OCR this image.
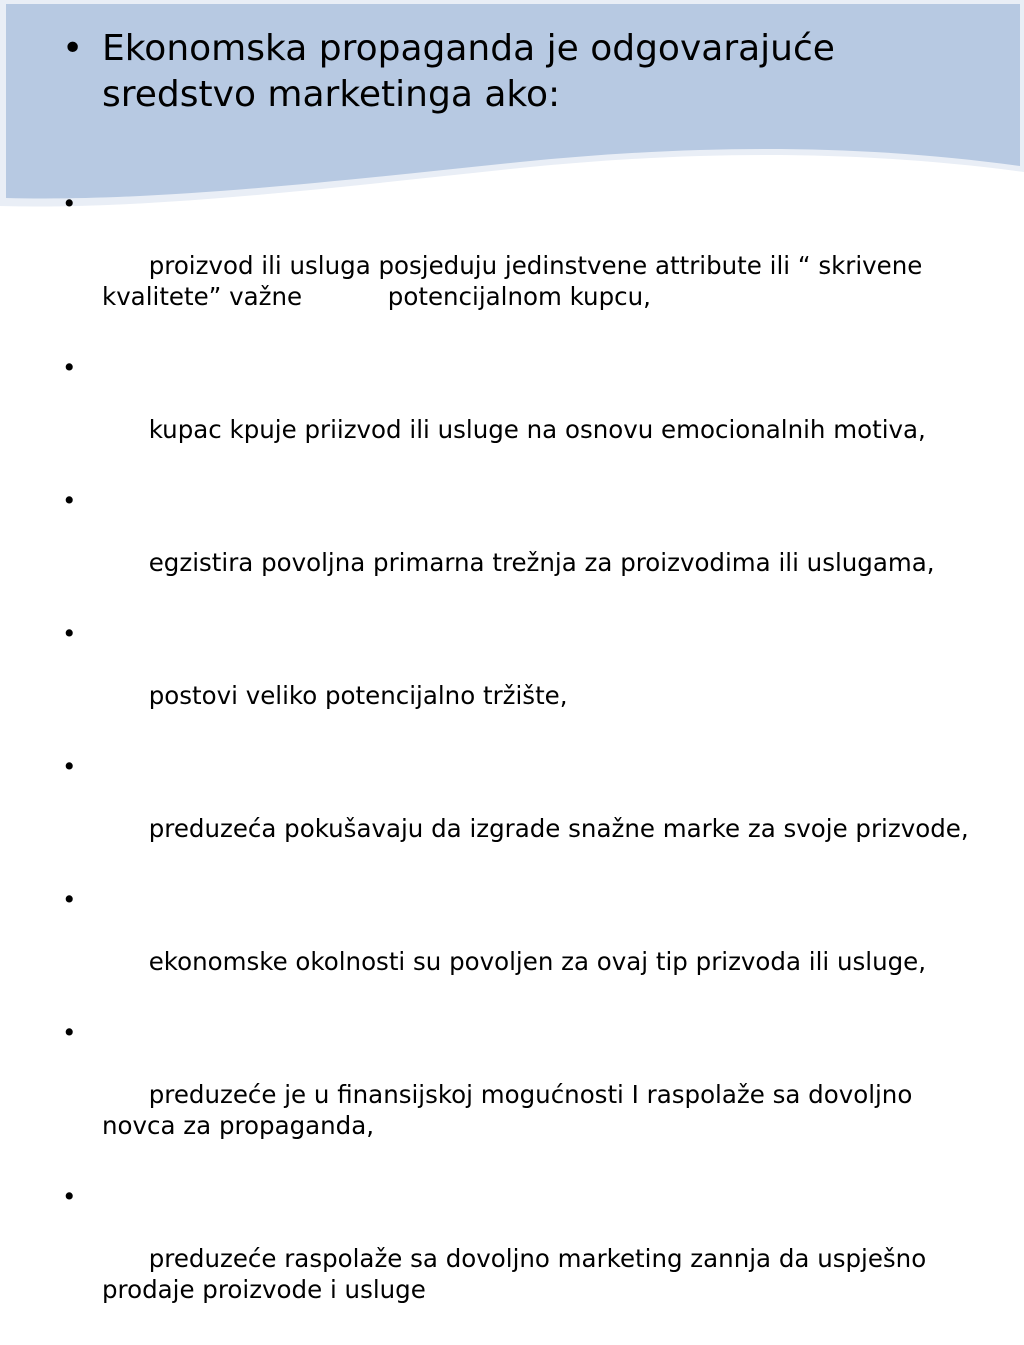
• Ekonomska propaganda je odgovarajuće sredstvo marketinga ako:

•

proizvod ili usluga posjeduju jedinstvene attribute ili “ skrivene kvalitete” važne           potencijalnom kupcu,

•

kupac kpuje priizvod ili usluge na osnovu emocionalnih motiva,

•

egzistira povoljna primarna trežnja za proizvodima ili uslugama,

•

postovi veliko potencijalno tržište,

•

preduzeća pokušavaju da izgrade snažne marke za svoje prizvode,

•

ekonomske okolnosti su povoljen za ovaj tip prizvoda ili usluge,

•

preduzeće je u finansijskoj mogućnosti I raspolaže sa dovoljno novca za propaganda,

•

preduzeće raspolaže sa dovoljno marketing zannja da uspješno prodaje proizvode i usluge
